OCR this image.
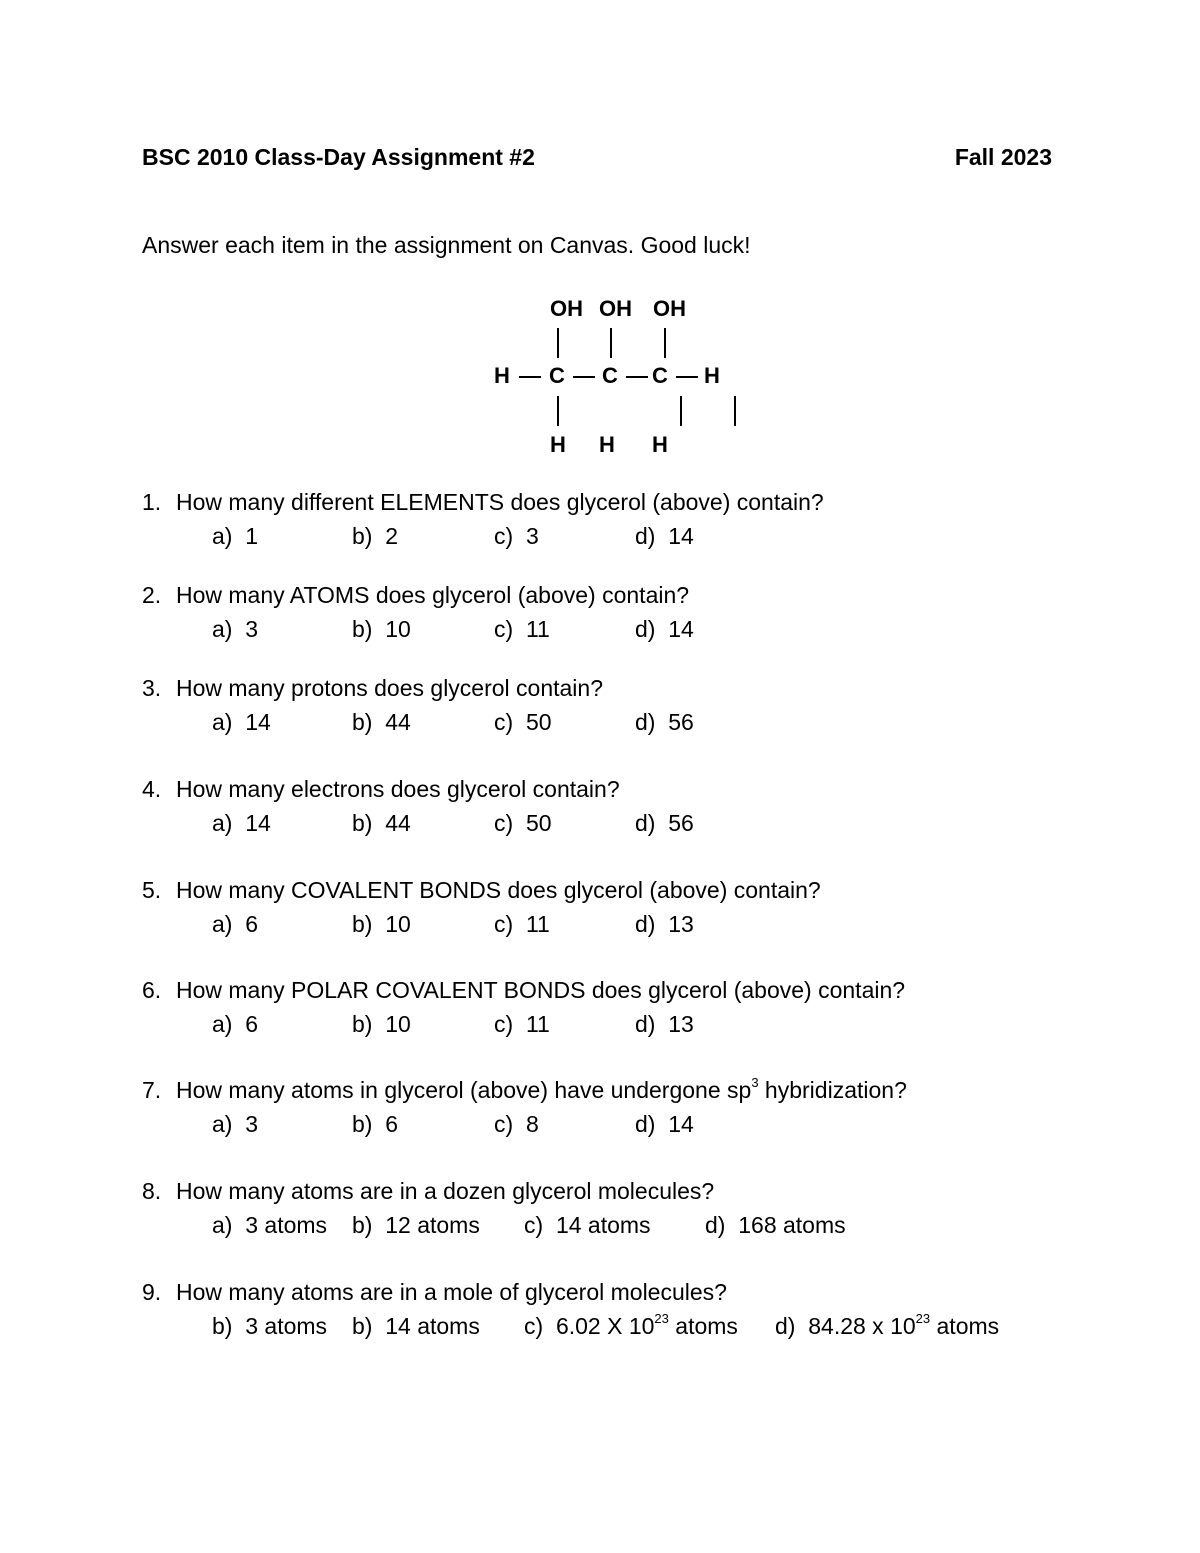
BSC 2010 Class-Day Assignment #2	Fall 2023
Answer each item in the assignment on Canvas. Good luck!
OH OH OH
H C C C H
H H H
1. How many different ELEMENTS does glycerol (above) contain?
a) 1	b) 2	c) 3	d) 14
2. How many ATOMS does glycerol (above) contain?
a) 3	b) 10	c) 11	d) 14
3. How many protons does glycerol contain?
a) 14	b) 44	c) 50	d) 56
4. How many electrons does glycerol contain?
a) 14	b) 44	c) 50	d) 56
5. How many COVALENT BONDS does glycerol (above) contain?
a) 6	b) 10	c) 11	d) 13
6. How many POLAR COVALENT BONDS does glycerol (above) contain?
a) 6	b) 10	c) 11	d) 13
7. How many atoms in glycerol (above) have undergone $sp^3$ hybridization?
a) 3	b) 6	c) 8	d) 14
8. How many atoms are in a dozen glycerol molecules?
a) 3 atoms b) 12 atoms c) 14 atoms d) 168 atoms
9. How many atoms are in a mole of glycerol molecules?
b) 3 atoms b) 14 atoms c) 6.02 X $10^{23}$ atoms d) 84.28 x $10^{23}$ atoms
